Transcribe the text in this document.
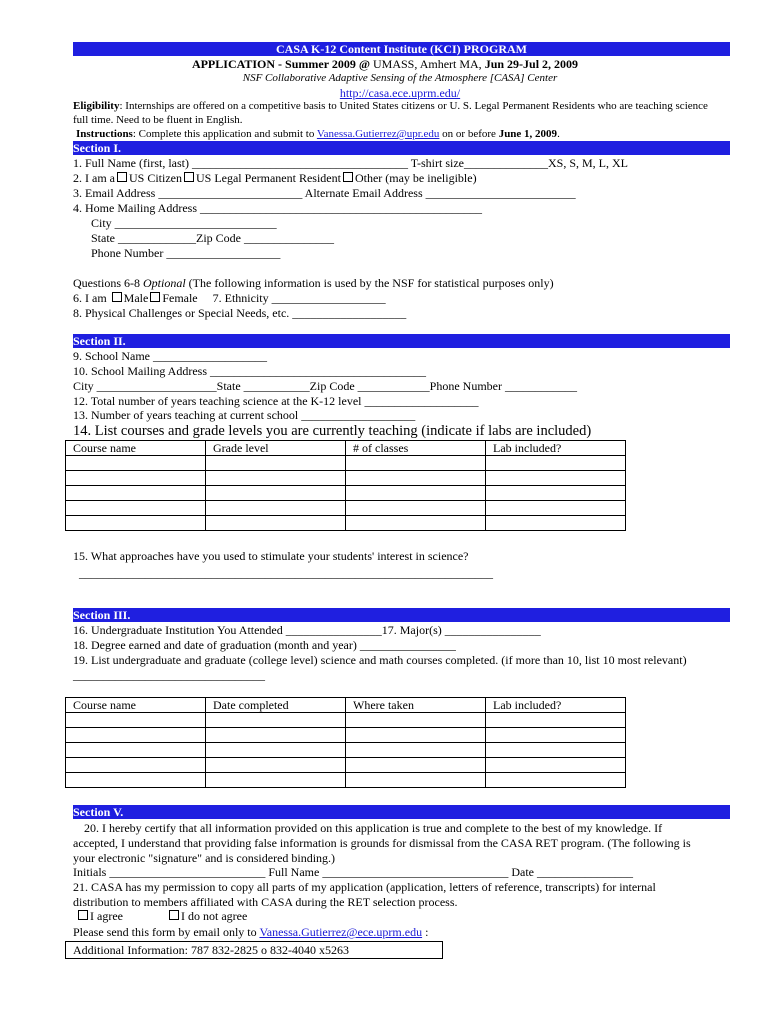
CASA K-12 Content Institute (KCI) PROGRAM
APPLICATION - Summer 2009 @ UMASS, Amhert MA, Jun 29-Jul 2, 2009
NSF Collaborative Adaptive Sensing of the Atmosphere [CASA] Center
http://casa.ece.uprm.edu/
Eligibility: Internships are offered on a competitive basis to United States citizens or U. S. Legal Permanent Residents who are teaching science
full time. Need to be fluent in English.
Instructions: Complete this application and submit to Vanessa.Gutierrez@upr.edu on or before June 1, 2009.
Section I.
1. Full Name (first, last) ____________________________________ T-shirt size______________XS, S, M, L, XL
2. I am a US Citizen US Legal Permanent Resident Other (may be ineligible)
3. Email Address ________________________ Alternate Email Address _________________________
4. Home Mailing Address _______________________________________________
City ___________________________
State _____________Zip Code _______________
Phone Number ___________________
Questions 6-8 Optional (The following information is used by the NSF for statistical purposes only)
6. I am Male Female 7. Ethnicity ___________________
8. Physical Challenges or Special Needs, etc. ___________________
Section II.
9. School Name ___________________
10. School Mailing Address ____________________________________
City ____________________State ___________Zip Code ____________Phone Number ____________
12. Total number of years teaching science at the K-12 level ___________________
13. Number of years teaching at current school ___________________
14. List courses and grade levels you are currently teaching (indicate if labs are included)
Course name	Grade level	# of classes	Lab included?

15. What approaches have you used to stimulate your students' interest in science?
_____________________________________________________________________
Section III.
16. Undergraduate Institution You Attended ________________17. Major(s) ________________
18. Degree earned and date of graduation (month and year) ________________
19. List undergraduate and graduate (college level) science and math courses completed. (if more than 10, list 10 most relevant)
________________________________
Course name	Date completed	Where taken	Lab included?

Section V.
20. I hereby certify that all information provided on this application is true and complete to the best of my knowledge. If
accepted, I understand that providing false information is grounds for dismissal from the CASA RET program. (The following is
your electronic "signature" and is considered binding.)
Initials __________________________ Full Name _______________________________ Date ________________
21. CASA has my permission to copy all parts of my application (application, letters of reference, transcripts) for internal
distribution to members affiliated with CASA during the RET selection process.
I agree	I do not agree
Please send this form by email only to Vanessa.Gutierrez@ece.uprm.edu :
Additional Information: 787 832-2825 o 832-4040 x5263
